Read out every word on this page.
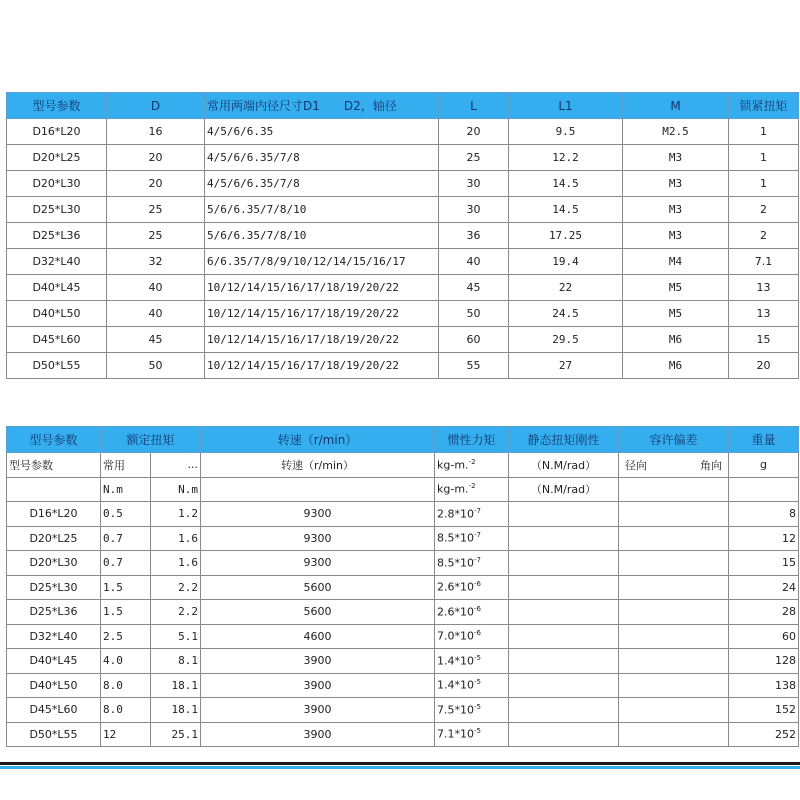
型号参数	D	常用两端内径尺寸D1　　D2，轴径	L	L1	M	锁紧扭矩
D16*L20	16	4/5/6/6.35	20	9.5	M2.5	1
D20*L25	20	4/5/6/6.35/7/8	25	12.2	M3	1
D20*L30	20	4/5/6/6.35/7/8	30	14.5	M3	1
D25*L30	25	5/6/6.35/7/8/10	30	14.5	M3	2
D25*L36	25	5/6/6.35/7/8/10	36	17.25	M3	2
D32*L40	32	6/6.35/7/8/9/10/12/14/15/16/17	40	19.4	M4	7.1
D40*L45	40	10/12/14/15/16/17/18/19/20/22	45	22	M5	13
D40*L50	40	10/12/14/15/16/17/18/19/20/22	50	24.5	M5	13
D45*L60	45	10/12/14/15/16/17/18/19/20/22	60	29.5	M6	15
D50*L55	50	10/12/14/15/16/17/18/19/20/22	55	27	M6	20
型号参数	额定扭矩		转速（r/min）	惯性力矩	静态扭矩刚性	容许偏差	重量
型号参数	常用	...	转速（r/min）	kg-m.$^{-2}$	（N.M/rad）	径向 角向	g
	N.m	N.m		kg-m.$^{-2}$	（N.M/rad）		
D16*L20	0.5	1.2	9300	$2.8*10^{-7}$			8
D20*L25	0.7	1.6	9300	$8.5*10^{-7}$			12
D20*L30	0.7	1.6	9300	$8.5*10^{-7}$			15
D25*L30	1.5	2.2	5600	$2.6*10^{-6}$			24
D25*L36	1.5	2.2	5600	$2.6*10^{-6}$			28
D32*L40	2.5	5.1	4600	$7.0*10^{-6}$			60
D40*L45	4.0	8.1	3900	$1.4*10^{-5}$			128
D40*L50	8.0	18.1	3900	$1.4*10^{-5}$			138
D45*L60	8.0	18.1	3900	$7.5*10^{-5}$			152
D50*L55	12	25.1	3900	$7.1*10^{-5}$			252
